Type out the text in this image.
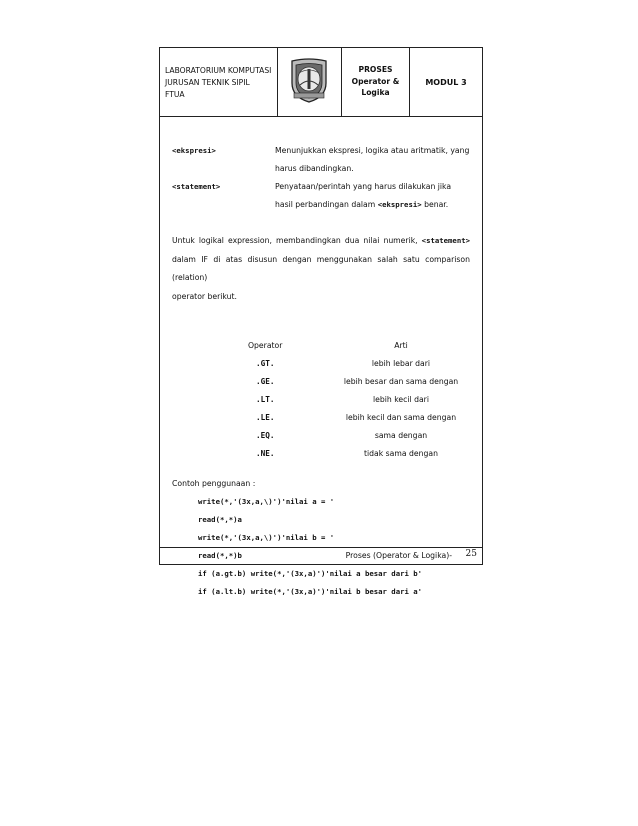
LABORATORIUM KOMPUTASI
JURUSAN TEKNIK SIPIL
FTUA
PROSES
Operator &
Logika
MODUL 3
<ekspresi>	Menunjukkan ekspresi, logika atau aritmatik, yang
harus dibandingkan.
<statement>	Penyataan/perintah yang harus dilakukan jika
hasil perbandingan dalam <ekspresi> benar.
Untuk logikal expression, membandingkan dua nilai numerik, <statement>
dalam IF di atas disusun dengan menggunakan salah satu comparison (relation)
operator berikut.
Operator	Arti
.GT.	lebih lebar dari
.GE.	lebih besar dan sama dengan
.LT.	lebih kecil dari
.LE.	lebih kecil dan sama dengan
.EQ.	sama dengan
.NE.	tidak sama dengan
Contoh penggunaan :
write(*,'(3x,a,\)')'nilai a = '
read(*,*)a
write(*,'(3x,a,\)')'nilai b = '
read(*,*)b
if (a.gt.b) write(*,'(3x,a)')'nilai a besar dari b'
if (a.lt.b) write(*,'(3x,a)')'nilai b besar dari a'
Proses (Operator & Logika)- 25
